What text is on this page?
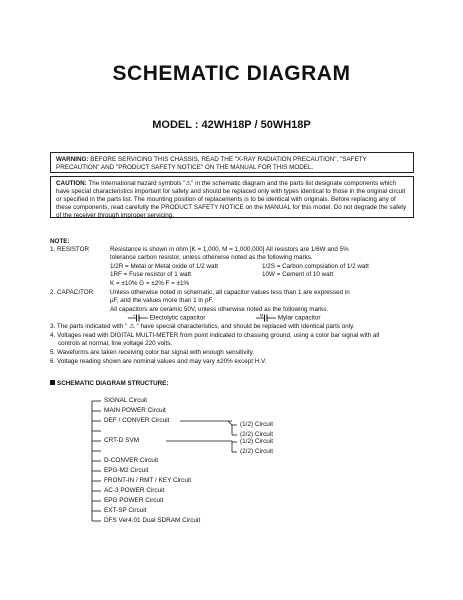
SCHEMATIC DIAGRAM
MODEL : 42WH18P / 50WH18P
WARNING: BEFORE SERVICING THIS CHASSIS, READ THE "X-RAY RADIATION PRECAUTION", "SAFETY PRECAUTION" AND "PRODUCT SAFETY NOTICE" ON THE MANUAL FOR THIS MODEL.
CAUTION: The International hazard symbols "⚠" in the schematic diagram and the parts list designate components which have special characteristics important for safety and should be replaced only with types identical to those in the original circuit or specified in the parts list. The mounting position of replacements is to be identical with originals. Before replacing any of these components, read carefully the PRODUCT SAFETY NOTICE on the MANUAL for this model. Do not degrade the safety of the receiver through improper servicing.
NOTE:
1. RESISTOR	Resistance is shown in ohm [K = 1,000, M = 1,000,000] All resistors are 1/6W and 5%
tolerance carbon resistor, unless otherwise noted as the following marks.
1/2R = Metal or Metal oxide of 1/2 watt	1/2S = Carbon compsiation of 1/2 watt
1RF = Fuse resistor of 1 watt	10W = Cement of 10 watt
K = ±10% G = ±2% F = ±1%
2. CAPACITOR	Unless otherwise noted in schematic, all capacitor values less than 1 are expressed in
μF, and the values more than 1 in pF.
All capacitors are ceramic 50V, unless otherwise noted as the following marks.
+ Electolytic capacitor	M Mylar capacitor
3. The parts indicated with " ⚠ " have special characteristics, and should be replaced with identical parts only.
4. Voltages read with DIGITAL MULTI-METER from point indicated to chassing ground, using a color bar signal with all
controls at normal, line voltage 220 volts.
5. Waveforms are taken receiving color bar signal with enough sensitivity.
6. Voltage reading shown are nominal values and may vary ±20% except H.V.
SCHEMATIC DIAGRAM STRUCTURE:
SIGNAL Circuit
MAIN POWER Circuit
DEF / CONVER Circuit
CRT-D SVM
D-CONVER Circuit
EPG-M2 Circuit
FRONT-IN / RMT / KEY Circuit
AC-3 POWER Circuit
EPG POWER Circuit
EXT-SP Circuit
DFS Ver4.01 Dual SDRAM Circuit
(1/2) Circuit
(2/2) Circuit
(1/2) Circuit
(2/2) Circuit
